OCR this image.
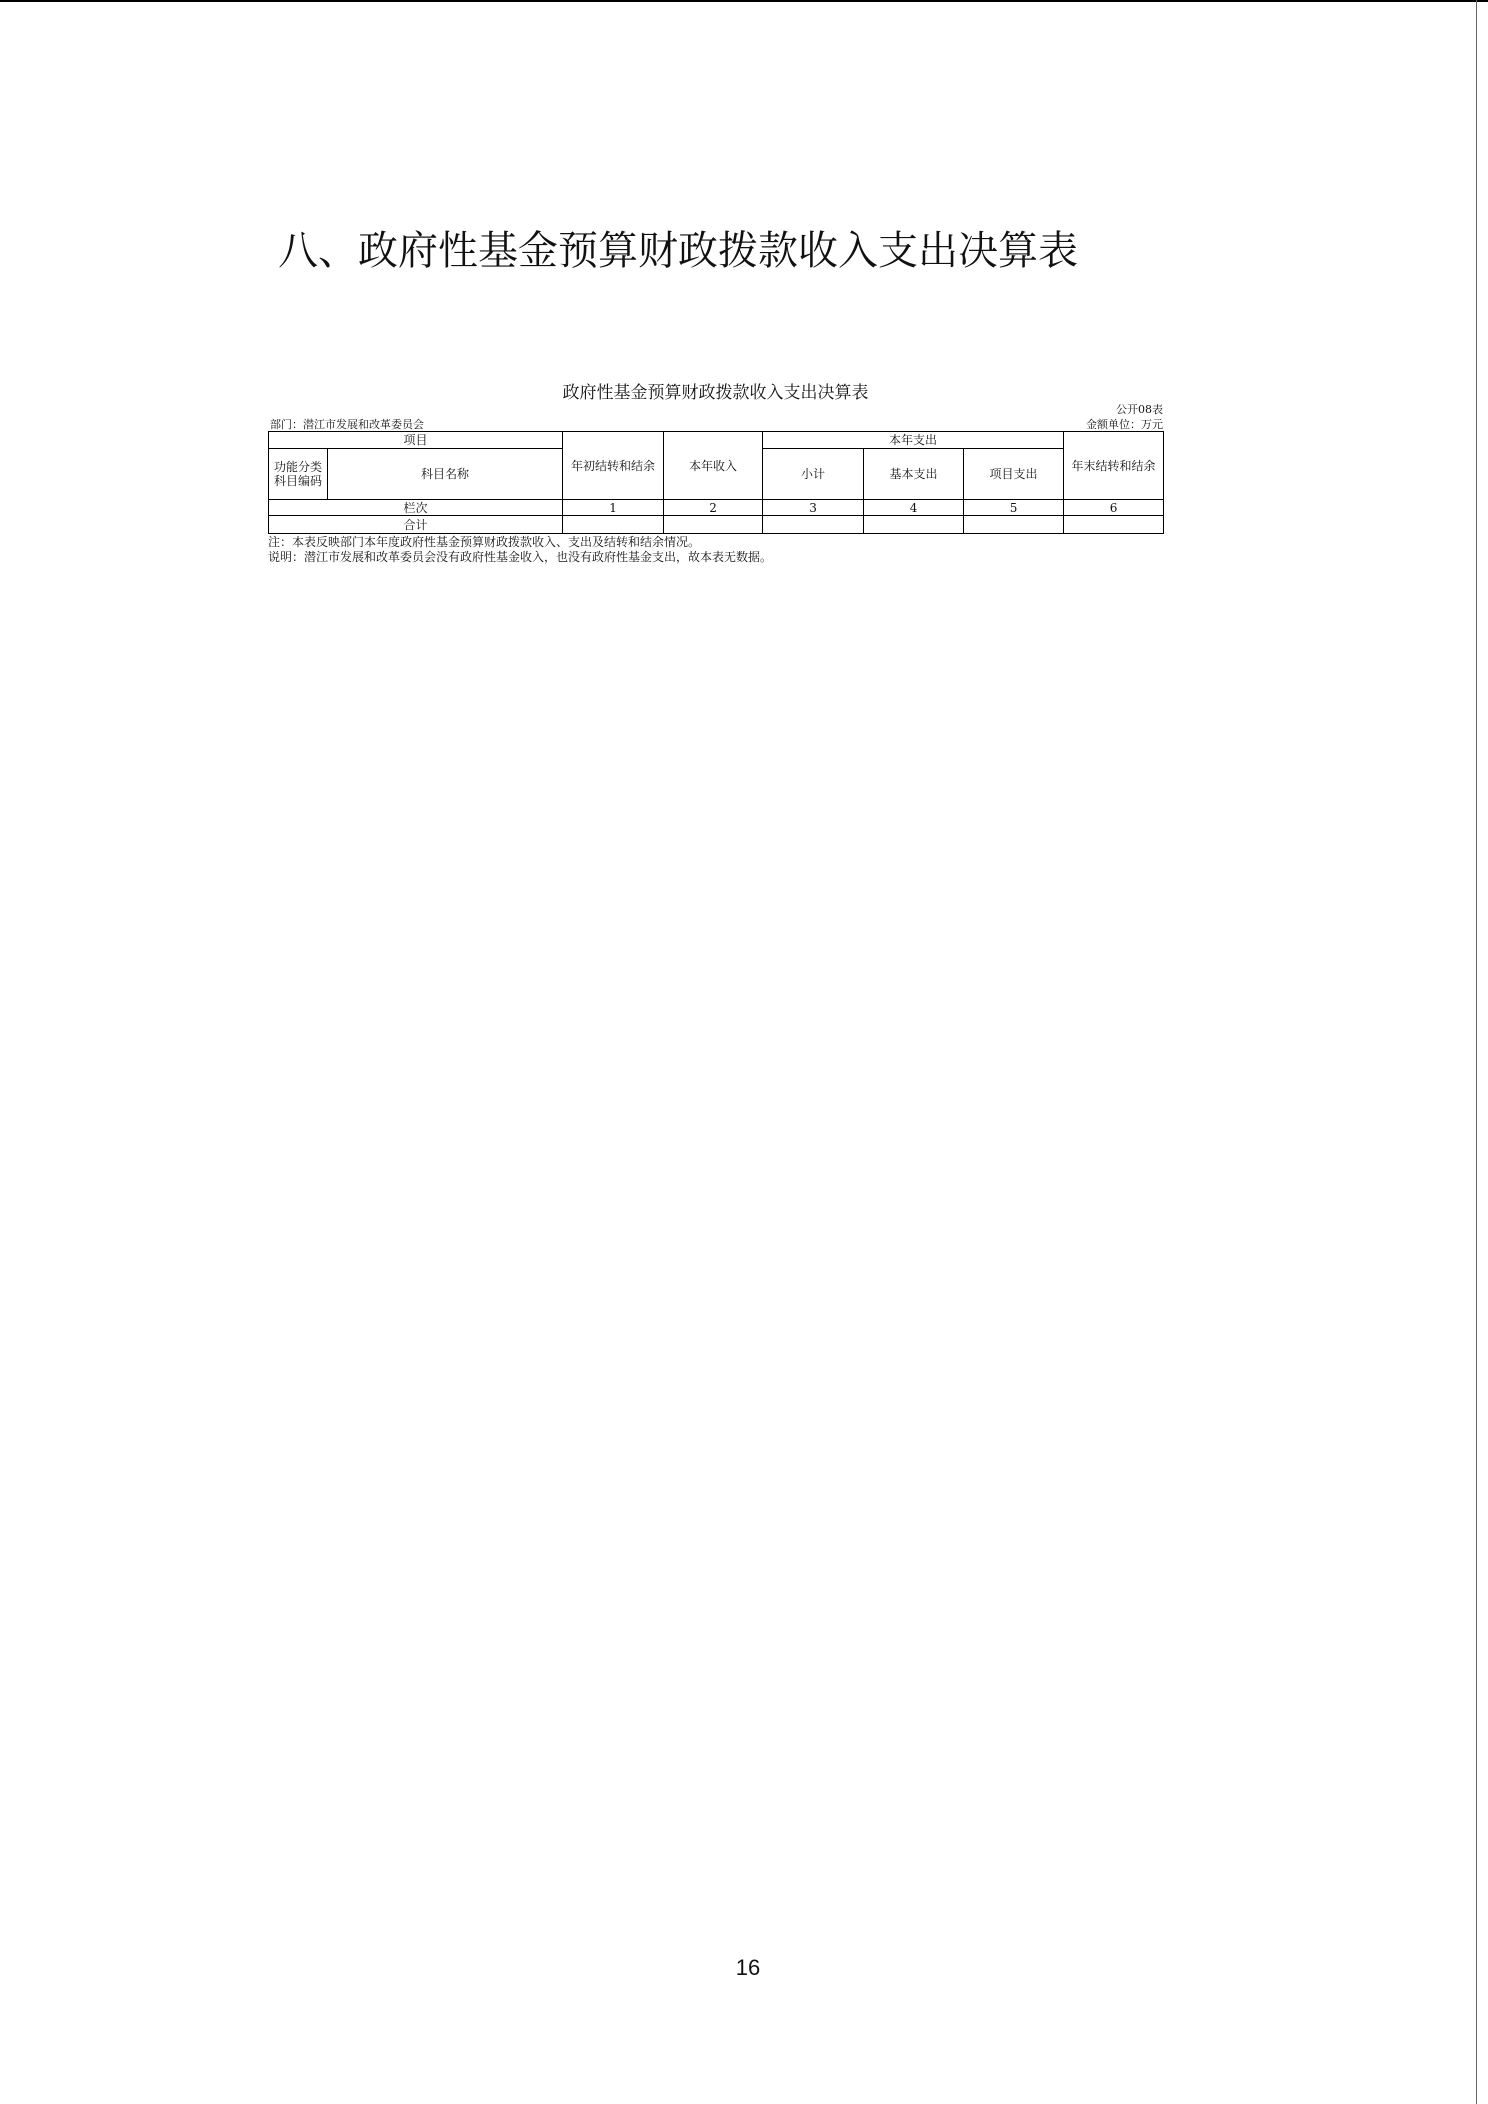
八、政府性基金预算财政拨款收入支出决算表
政府性基金预算财政拨款收入支出决算表
公开08表
部门：潜江市发展和改革委员会	金额单位：万元
项目		年初结转和结余	本年收入	本年支出			年末结转和结余

功能分类
科目编码	科目名称			小计	基本支出	项目支出	
栏次		1	2	3	4	5	6
合计							
注：本表反映部门本年度政府性基金预算财政拨款收入、支出及结转和结余情况。
说明：潜江市发展和改革委员会没有政府性基金收入，也没有政府性基金支出，故本表无数据。
16
